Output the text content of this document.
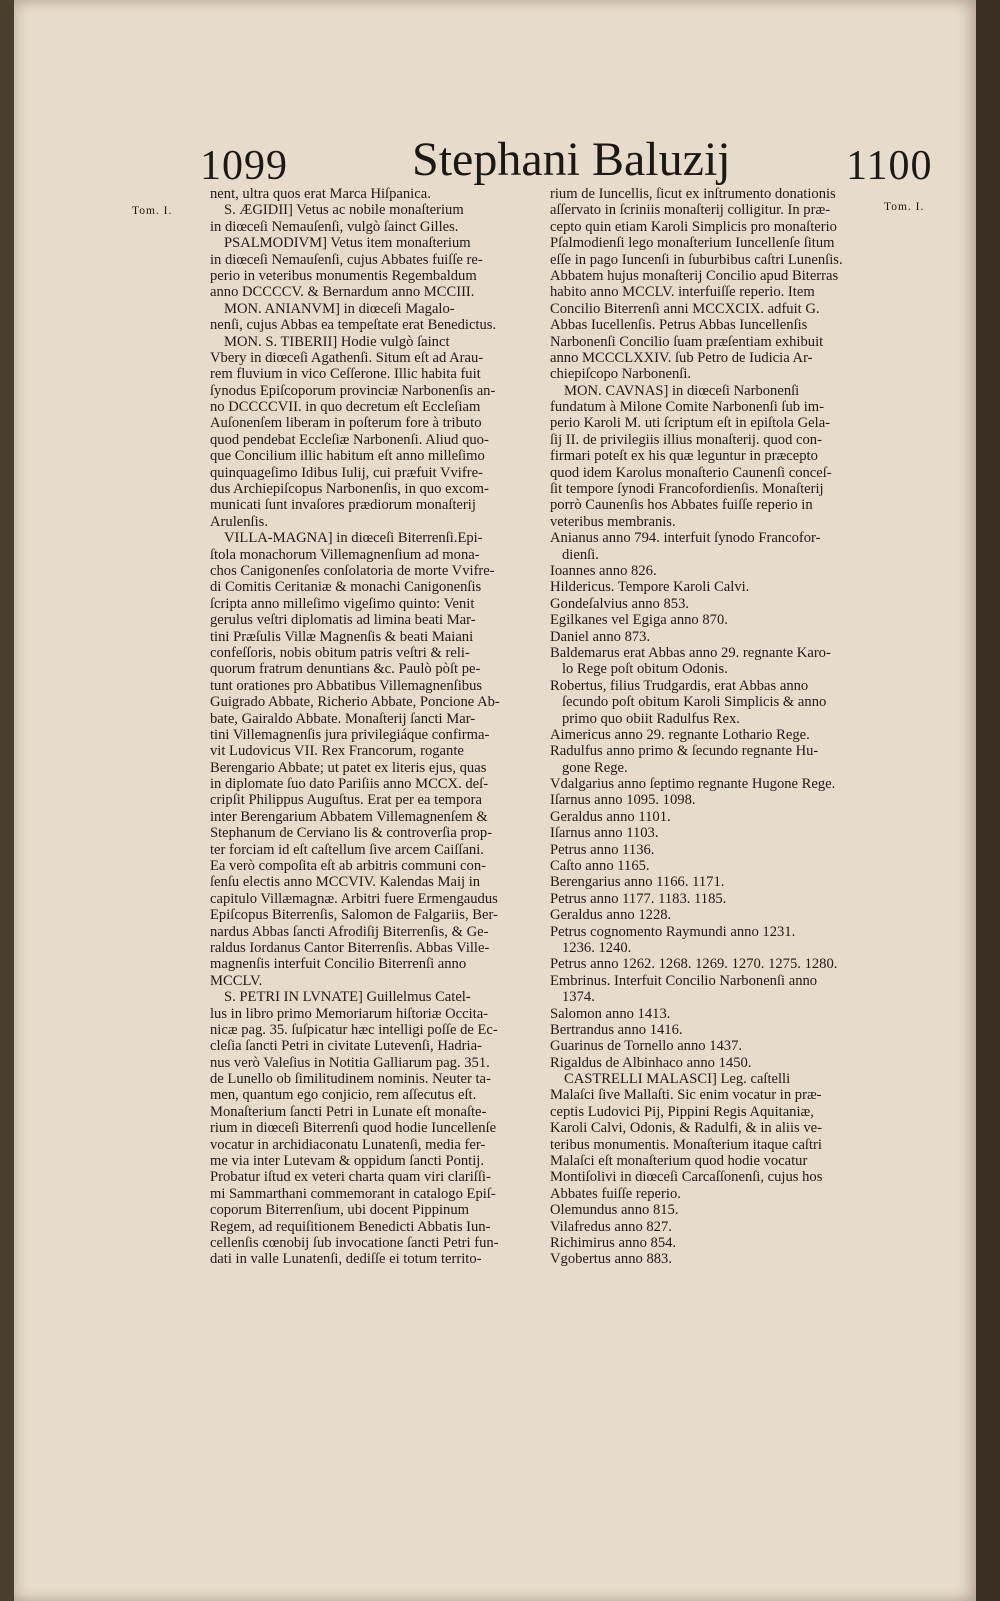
1099	Stephani Baluzij	1100
Tom. I.	Tom. I.
nent, ultra quos erat Marca Hiſpanica.
S. ÆGIDII] Vetus ac nobile monaſterium
in diœceſi Nemauſenſi, vulgò ſainct Gilles.
PSALMODIVM] Vetus item monaſterium
in diœceſi Nemauſenſi, cujus Abbates fuiſſe re-
perio in veteribus monumentis Regembaldum
anno DCCCCV. & Bernardum anno MCCIII.
MON. ANIANVM] in diœceſi Magalo-
nenſi, cujus Abbas ea tempeſtate erat Benedictus.
MON. S. TIBERII] Hodie vulgò ſainct
Vbery in diœceſi Agathenſi. Situm eſt ad Arau-
rem fluvium in vico Ceſſerone. Illic habita fuit
ſynodus Epiſcoporum provinciæ Narbonenſis an-
no DCCCCVII. in quo decretum eſt Eccleſiam
Auſonenſem liberam in poſterum fore à tributo
quod pendebat Eccleſiæ Narbonenſi. Aliud quo-
que Concilium illic habitum eſt anno milleſimo
quinquageſimo Idibus Iulij, cui præfuit Vvifre-
dus Archiepiſcopus Narbonenſis, in quo excom-
municati ſunt invaſores prædiorum monaſterij
Arulenſis.
VILLA-MAGNA] in diœceſi Biterrenſi.Epi-
ſtola monachorum Villemagnenſium ad mona-
chos Canigonenſes conſolatoria de morte Vvifre-
di Comitis Ceritaniæ & monachi Canigonenſis
ſcripta anno milleſimo vigeſimo quinto: Venit
gerulus veſtri diplomatis ad limina beati Mar-
tini Præſulis Villæ Magnenſis & beati Maiani
confeſſoris, nobis obitum patris veſtri & reli-
quorum fratrum denuntians &c. Paulò pòſt pe-
tunt orationes pro Abbatibus Villemagnenſibus
Guigrado Abbate, Richerio Abbate, Poncione Ab-
bate, Gairaldo Abbate. Monaſterij ſancti Mar-
tini Villemagnenſis jura privilegiáque confirma-
vit Ludovicus VII. Rex Francorum, rogante
Berengario Abbate; ut patet ex literis ejus, quas
in diplomate ſuo dato Pariſiis anno MCCX. deſ-
cripſit Philippus Auguſtus. Erat per ea tempora
inter Berengarium Abbatem Villemagnenſem &
Stephanum de Cerviano lis & controverſia prop-
ter forciam id eſt caſtellum ſive arcem Caiſſani.
Ea verò compoſita eſt ab arbitris communi con-
ſenſu electis anno MCCVIV. Kalendas Maij in
capitulo Villæmagnæ. Arbitri fuere Ermengaudus
Epiſcopus Biterrenſis, Salomon de Falgariis, Ber-
nardus Abbas ſancti Afrodiſij Biterrenſis, & Ge-
raldus Iordanus Cantor Biterrenſis. Abbas Ville-
magnenſis interfuit Concilio Biterrenſi anno
MCCLV.
S. PETRI IN LVNATE] Guillelmus Catel-
lus in libro primo Memoriarum hiſtoriæ Occita-
nicæ pag. 35. ſuſpicatur hæc intelligi poſſe de Ec-
cleſia ſancti Petri in civitate Lutevenſi, Hadria-
nus verò Valeſius in Notitia Galliarum pag. 351.
de Lunello ob ſimilitudinem nominis. Neuter ta-
men, quantum ego conjicio, rem aſſecutus eſt.
Monaſterium ſancti Petri in Lunate eſt monaſte-
rium in diœceſi Biterrenſi quod hodie Iuncellenſe
vocatur in archidiaconatu Lunatenſi, media fer-
me via inter Lutevam & oppidum ſancti Pontij.
Probatur iſtud ex veteri charta quam viri clariſſi-
mi Sammarthani commemorant in catalogo Epiſ-
coporum Biterrenſium, ubi docent Pippinum
Regem, ad requiſitionem Benedicti Abbatis Iun-
cellenſis cœnobij ſub invocatione ſancti Petri fun-
dati in valle Lunatenſi, dediſſe ei totum territo-
rium de Iuncellis, ſicut ex inſtrumento donationis
aſſervato in ſcriniis monaſterij colligitur. In præ-
cepto quin etiam Karoli Simplicis pro monaſterio
Pſalmodienſi lego monaſterium Iuncellenſe ſitum
eſſe in pago Iuncenſi in ſuburbibus caſtri Lunenſis.
Abbatem hujus monaſterij Concilio apud Biterras
habito anno MCCLV. interfuiſſe reperio. Item
Concilio Biterrenſi anni MCCXCIX. adfuit G.
Abbas Iucellenſis. Petrus Abbas Iuncellenſis
Narbonenſi Concilio ſuam præſentiam exhibuit
anno MCCCLXXIV. ſub Petro de Iudicia Ar-
chiepiſcopo Narbonenſi.
MON. CAVNAS] in diœceſi Narbonenſi
fundatum à Milone Comite Narbonenſi ſub im-
perio Karoli M. uti ſcriptum eſt in epiſtola Gela-
ſij II. de privilegiis illius monaſterij. quod con-
firmari poteſt ex his quæ leguntur in præcepto
quod idem Karolus monaſterio Caunenſi conceſ-
ſit tempore ſynodi Francofordienſis. Monaſterij
porrò Caunenſis hos Abbates fuiſſe reperio in
veteribus membranis.
Anianus anno 794. interfuit ſynodo Francofor-
dienſi.
Ioannes anno 826.
Hildericus. Tempore Karoli Calvi.
Gondeſalvius anno 853.
Egilkanes vel Egiga anno 870.
Daniel anno 873.
Baldemarus erat Abbas anno 29. regnante Karo-
lo Rege poſt obitum Odonis.
Robertus, filius Trudgardis, erat Abbas anno
ſecundo poſt obitum Karoli Simplicis & anno
primo quo obiit Radulfus Rex.
Aimericus anno 29. regnante Lothario Rege.
Radulfus anno primo & ſecundo regnante Hu-
gone Rege.
Vdalgarius anno ſeptimo regnante Hugone Rege.
Iſarnus anno 1095. 1098.
Geraldus anno 1101.
Iſarnus anno 1103.
Petrus anno 1136.
Caſto anno 1165.
Berengarius anno 1166. 1171.
Petrus anno 1177. 1183. 1185.
Geraldus anno 1228.
Petrus cognomento Raymundi anno 1231.
1236. 1240.
Petrus anno 1262. 1268. 1269. 1270. 1275. 1280.
Embrinus. Interfuit Concilio Narbonenſi anno
1374.
Salomon anno 1413.
Bertrandus anno 1416.
Guarinus de Tornello anno 1437.
Rigaldus de Albinhaco anno 1450.
CASTRELLI MALASCI] Leg. caſtelli
Malaſci ſive Mallaſti. Sic enim vocatur in præ-
ceptis Ludovici Pij, Pippini Regis Aquitaniæ,
Karoli Calvi, Odonis, & Radulfi, & in aliis ve-
teribus monumentis. Monaſterium itaque caſtri
Malaſci eſt monaſterium quod hodie vocatur
Montiſolivi in diœceſi Carcaſſonenſi, cujus hos
Abbates fuiſſe reperio.
Olemundus anno 815.
Vilafredus anno 827.
Richimirus anno 854.
Vgobertus anno 883.
